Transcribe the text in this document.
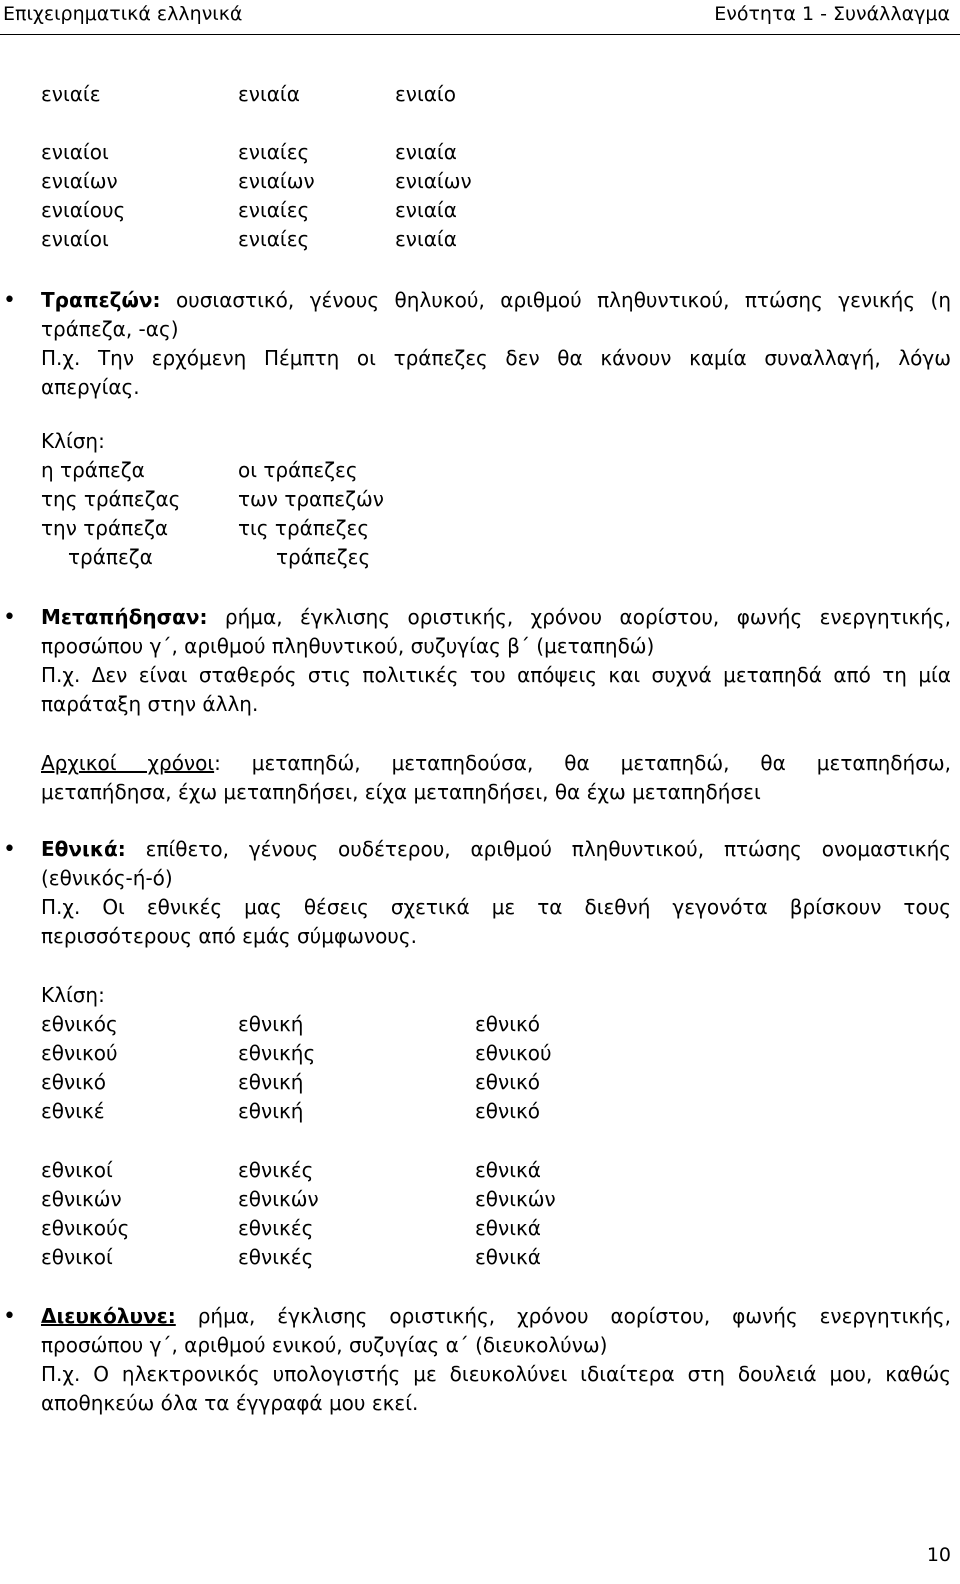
Επιχειρηματικά ελληνικά	Ενότητα 1 - Συνάλλαγμα
ενιαίε	ενιαία	ενιαίο
ενιαίοι	ενιαίες	ενιαία
ενιαίων	ενιαίων	ενιαίων
ενιαίους	ενιαίες	ενιαία
ενιαίοι	ενιαίες	ενιαία
• Τραπεζών: ουσιαστικό, γένους θηλυκού, αριθμού πληθυντικού, πτώσης γενικής (η
τράπεζα, -ας)
Π.χ. Την ερχόμενη Πέμπτη οι τράπεζες δεν θα κάνουν καμία συναλλαγή, λόγω
απεργίας.
Κλίση:
η τράπεζα	οι τράπεζες
της τράπεζας	των τραπεζών
την τράπεζα	τις τράπεζες
τράπεζα	τράπεζες
• Μεταπήδησαν: ρήμα, έγκλισης οριστικής, χρόνου αορίστου, φωνής ενεργητικής,
προσώπου γ΄, αριθμού πληθυντικού, συζυγίας β΄ (μεταπηδώ)
Π.χ. Δεν είναι σταθερός στις πολιτικές του απόψεις και συχνά μεταπηδά από τη μία
παράταξη στην άλλη.
Αρχικοί χρόνοι: μεταπηδώ, μεταπηδούσα, θα μεταπηδώ, θα μεταπηδήσω,
μεταπήδησα, έχω μεταπηδήσει, είχα μεταπηδήσει, θα έχω μεταπηδήσει
• Εθνικά: επίθετο, γένους ουδέτερου, αριθμού πληθυντικού, πτώσης ονομαστικής
(εθνικός-ή-ό)
Π.χ. Οι εθνικές μας θέσεις σχετικά με τα διεθνή γεγονότα βρίσκουν τους
περισσότερους από εμάς σύμφωνους.
Κλίση:
εθνικός	εθνική	εθνικό
εθνικού	εθνικής	εθνικού
εθνικό	εθνική	εθνικό
εθνικέ	εθνική	εθνικό
εθνικοί	εθνικές	εθνικά
εθνικών	εθνικών	εθνικών
εθνικούς	εθνικές	εθνικά
εθνικοί	εθνικές	εθνικά
• Διευκόλυνε: ρήμα, έγκλισης οριστικής, χρόνου αορίστου, φωνής ενεργητικής,
προσώπου γ΄, αριθμού ενικού, συζυγίας α΄ (διευκολύνω)
Π.χ. Ο ηλεκτρονικός υπολογιστής με διευκολύνει ιδιαίτερα στη δουλειά μου, καθώς
αποθηκεύω όλα τα έγγραφά μου εκεί.
10
